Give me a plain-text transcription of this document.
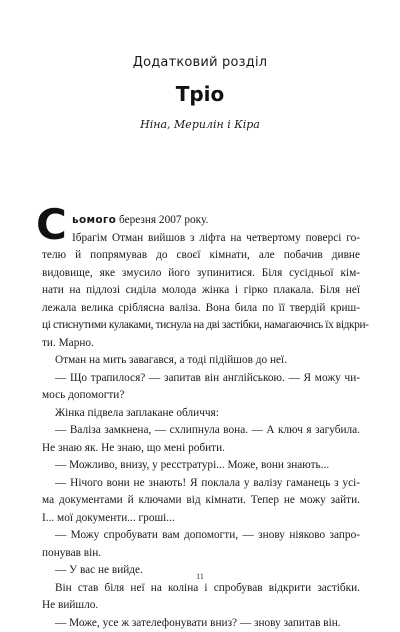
Додатковий розділ
Тріо
Ніна, Мерилін і Кіра
С ьомого березня 2007 року.
Ібрагім Отман вийшов з ліфта на четвертому поверсі го-
телю й попрямував до своєї кімнати, але побачив дивне
видовище, яке змусило його зупинитися. Біля сусідньої кім-
нати на підлозі сиділа молода жінка і гірко плакала. Біля неї
лежала велика сріблясна валіза. Вона била по її твердій криш-
ці стиснутими кулаками, тиснула на дві застібки, намагаючись їх відкри-
ти. Марно.
Отман на мить завагався, а тоді підійшов до неї.
— Що трапилося? — запитав він англійською. — Я можу чи-
мось допомогти?
Жінка підвела заплакане обличчя:
— Валіза замкнена, — схлипнула вона. — А ключ я загубила.
Не знаю як. Не знаю, що мені робити.
— Можливо, внизу, у ресстратурі... Може, вони знають...
— Нічого вони не знають! Я поклала у валізу гаманець з усі-
ма документами й ключами від кімнати. Тепер не можу зайти.
І... мої документи... гроші...
— Можу спробувати вам допомогти, — знову ніяково запро-
понував він.
— У вас не вийде.
Він став біля неї на коліна і спробував відкрити застібки.
Не вийшло.
— Може, усе ж зателефонувати вниз? — знову запитав він.
11
